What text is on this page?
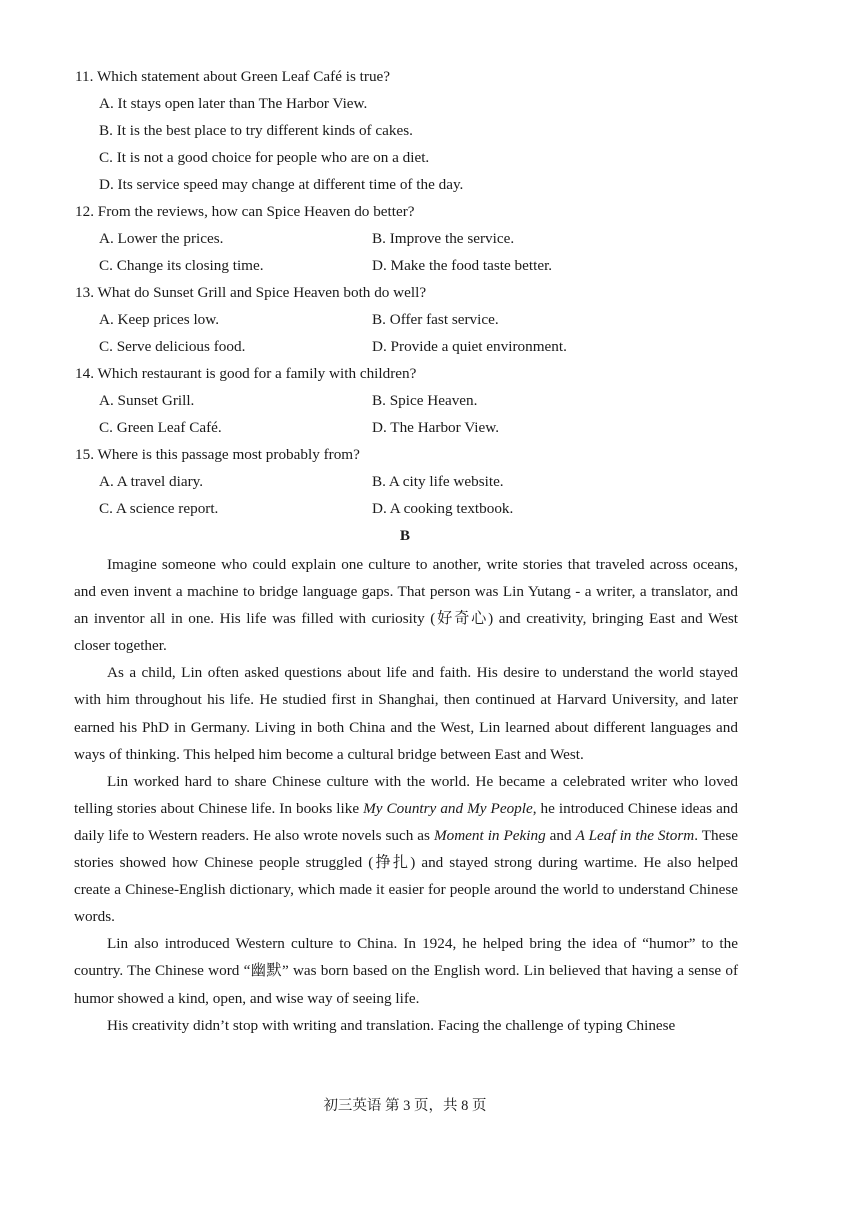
11. Which statement about Green Leaf Café is true?
A. It stays open later than The Harbor View.
B. It is the best place to try different kinds of cakes.
C. It is not a good choice for people who are on a diet.
D. Its service speed may change at different time of the day.
12. From the reviews, how can Spice Heaven do better?
A. Lower the prices.	B. Improve the service.
C. Change its closing time.	D. Make the food taste better.
13. What do Sunset Grill and Spice Heaven both do well?
A. Keep prices low.	B. Offer fast service.
C. Serve delicious food.	D. Provide a quiet environment.
14. Which restaurant is good for a family with children?
A. Sunset Grill.	B. Spice Heaven.
C. Green Leaf Café.	D. The Harbor View.
15. Where is this passage most probably from?
A. A travel diary.	B. A city life website.
C. A science report.	D. A cooking textbook.
B

Imagine someone who could explain one culture to another, write stories that traveled across oceans, and even invent a machine to bridge language gaps. That person was Lin Yutang - a writer, a translator, and an inventor all in one. His life was filled with curiosity (好奇心) and creativity, bringing East and West closer together.

As a child, Lin often asked questions about life and faith. His desire to understand the world stayed with him throughout his life. He studied first in Shanghai, then continued at Harvard University, and later earned his PhD in Germany. Living in both China and the West, Lin learned about different languages and ways of thinking. This helped him become a cultural bridge between East and West.

Lin worked hard to share Chinese culture with the world. He became a celebrated writer who loved telling stories about Chinese life. In books like My Country and My People, he introduced Chinese ideas and daily life to Western readers. He also wrote novels such as Moment in Peking and A Leaf in the Storm. These stories showed how Chinese people struggled (挣扎) and stayed strong during wartime. He also helped create a Chinese-English dictionary, which made it easier for people around the world to understand Chinese words.

Lin also introduced Western culture to China. In 1924, he helped bring the idea of “humor” to the country. The Chinese word “幽默” was born based on the English word. Lin believed that having a sense of humor showed a kind, open, and wise way of seeing life.

His creativity didn’t stop with writing and translation. Facing the challenge of typing Chinese

初三英语 第 3 页，共 8 页
